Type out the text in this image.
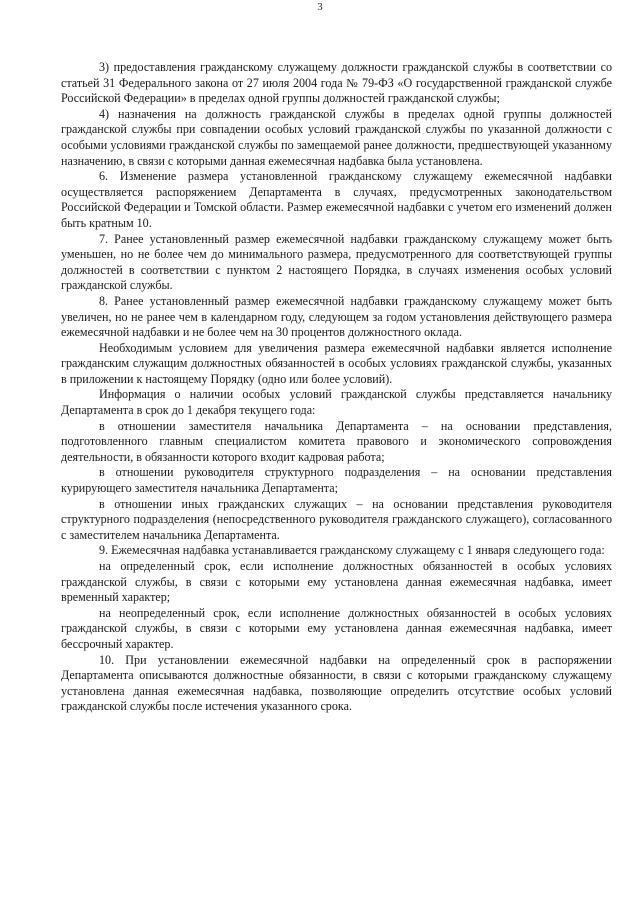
3

3) предоставления гражданскому служащему должности гражданской службы в соответствии со статьей 31 Федерального закона от 27 июля 2004 года № 79-ФЗ «О государственной гражданской службе Российской Федерации» в пределах одной группы должностей гражданской службы;

4) назначения на должность гражданской службы в пределах одной группы должностей гражданской службы при совпадении особых условий гражданской службы по указанной должности с особыми условиями гражданской службы по замещаемой ранее должности, предшествующей указанному назначению, в связи с которыми данная ежемесячная надбавка была установлена.

6. Изменение размера установленной гражданскому служащему ежемесячной надбавки осуществляется распоряжением Департамента в случаях, предусмотренных законодательством Российской Федерации и Томской области. Размер ежемесячной надбавки с учетом его изменений должен быть кратным 10.

7. Ранее установленный размер ежемесячной надбавки гражданскому служащему может быть уменьшен, но не более чем до минимального размера, предусмотренного для соответствующей группы должностей в соответствии с пунктом 2 настоящего Порядка, в случаях изменения особых условий гражданской службы.

8. Ранее установленный размер ежемесячной надбавки гражданскому служащему может быть увеличен, но не ранее чем в календарном году, следующем за годом установления действующего размера ежемесячной надбавки и не более чем на 30 процентов должностного оклада.

Необходимым условием для увеличения размера ежемесячной надбавки является исполнение гражданским служащим должностных обязанностей в особых условиях гражданской службы, указанных в приложении к настоящему Порядку (одно или более условий).

Информация о наличии особых условий гражданской службы представляется начальнику Департамента в срок до 1 декабря текущего года:

в отношении заместителя начальника Департамента – на основании представления, подготовленного главным специалистом комитета правового и экономического сопровождения деятельности, в обязанности которого входит кадровая работа;

в отношении руководителя структурного подразделения – на основании представления курирующего заместителя начальника Департамента;

в отношении иных гражданских служащих – на основании представления руководителя структурного подразделения (непосредственного руководителя гражданского служащего), согласованного с заместителем начальника Департамента.

9. Ежемесячная надбавка устанавливается гражданскому служащему с 1 января следующего года:

на определенный срок, если исполнение должностных обязанностей в особых условиях гражданской службы, в связи с которыми ему установлена данная ежемесячная надбавка, имеет временный характер;

на неопределенный срок, если исполнение должностных обязанностей в особых условиях гражданской службы, в связи с которыми ему установлена данная ежемесячная надбавка, имеет бессрочный характер.

10. При установлении ежемесячной надбавки на определенный срок в распоряжении Департамента описываются должностные обязанности, в связи с которыми гражданскому служащему установлена данная ежемесячная надбавка, позволяющие определить отсутствие особых условий гражданской службы после истечения указанного срока.
